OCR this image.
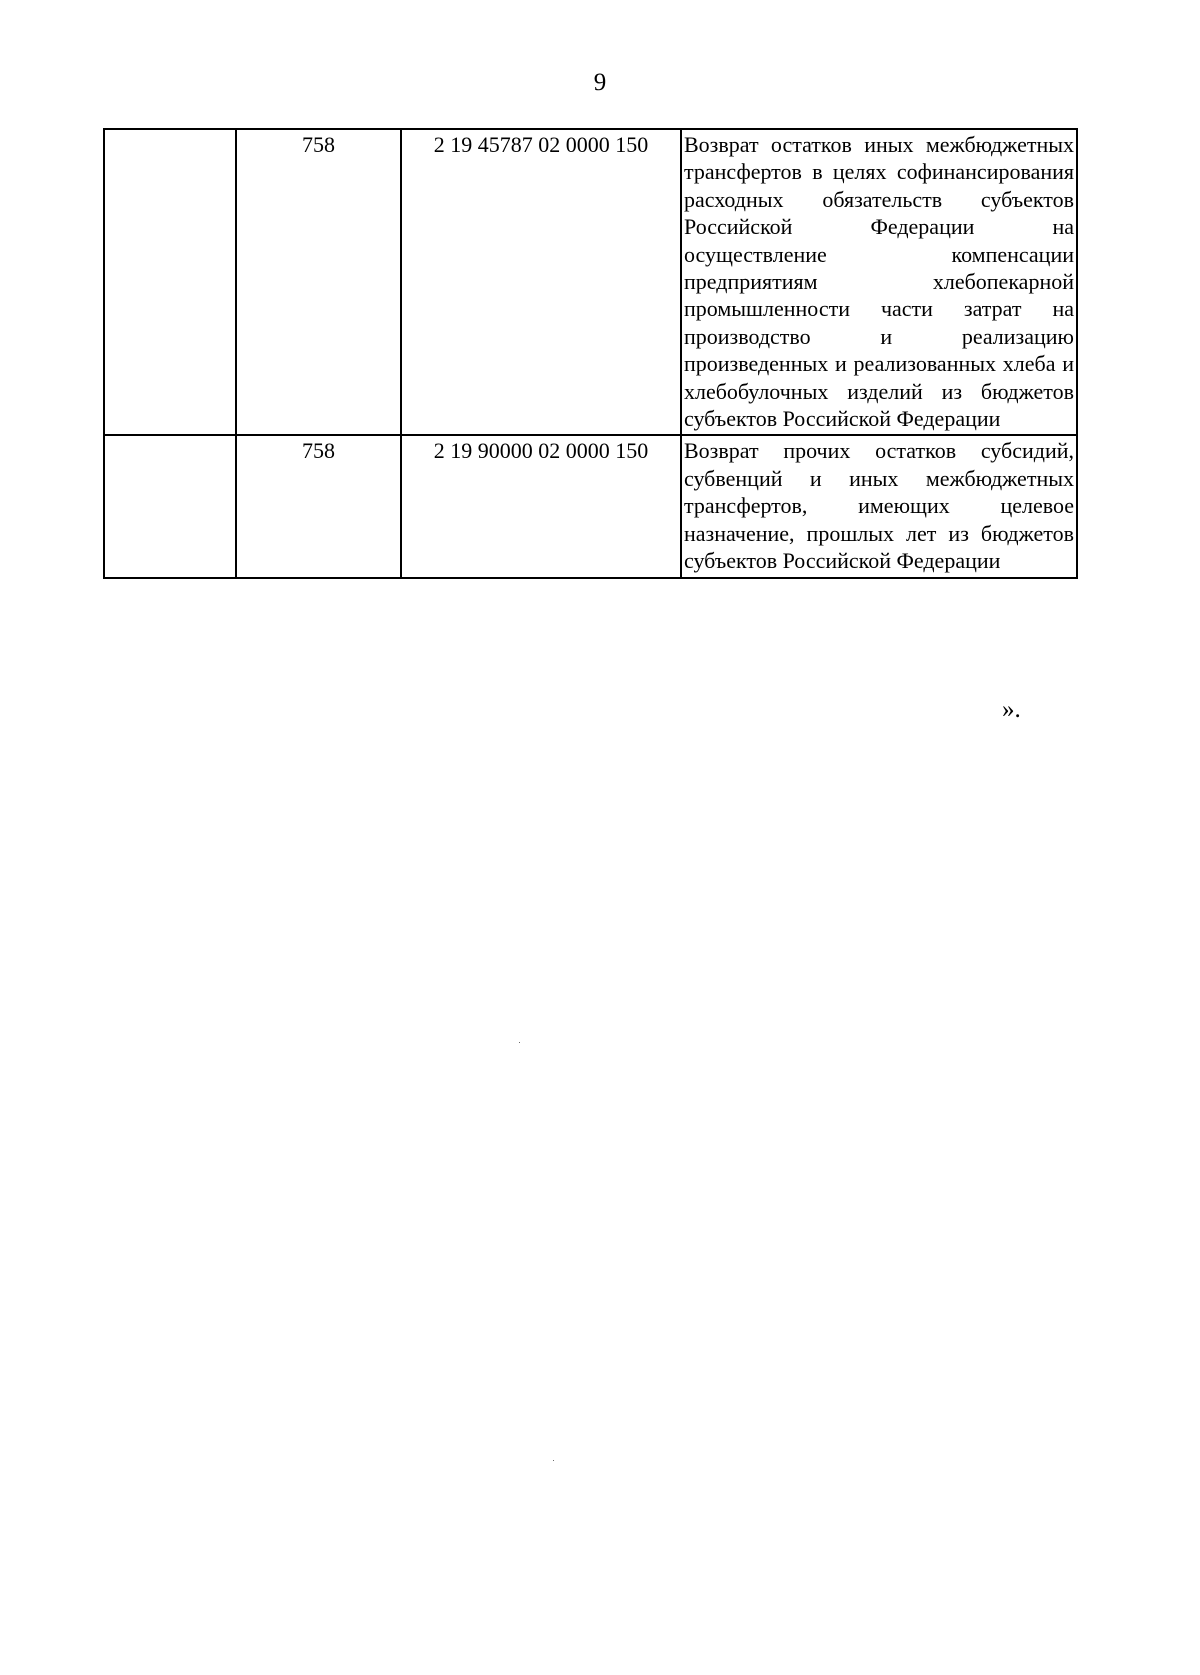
9
	758	2 19 45787 02 0000 150	Возврат остатков иных межбюджетных трансфертов в целях софинансирования расходных обязательств субъектов Российской Федерации на осуществление компенсации предприятиям хлебопекарной промышленности части затрат на производство и реализацию произведенных и реализованных хлеба и хлебобулочных изделий из бюджетов субъектов Российской Федерации
	758	2 19 90000 02 0000 150	Возврат прочих остатков субсидий, субвенций и иных межбюджетных трансфертов, имеющих целевое назначение, прошлых лет из бюджетов субъектов Российской Федерации
».
